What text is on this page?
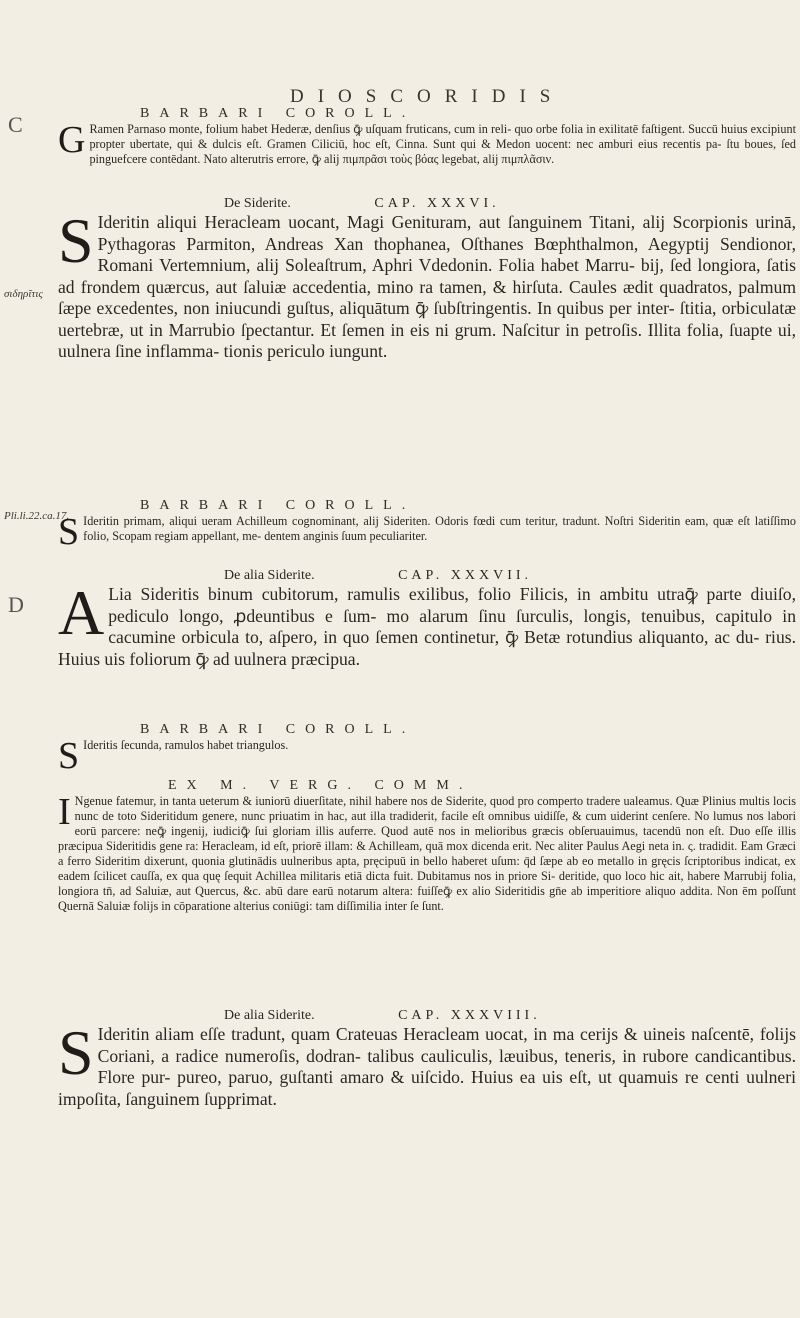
DIOSCORIDIS
C
D
σιδηρῖτις
Pli.li.22.ca.17.
BARBARI COROLL.
G Ramen Parnaso monte, folium habet Hederæ, denſius ꝙ̄ uſquam fruticans, cum in reli- quo orbe folia in exilitatē faſtigent. Succū huius excipiunt propter ubertate, qui & dulcis eſt. Gramen Ciliciū, hoc eſt, Cinna. Sunt qui & Medon uocent: nec amburi eius recentis pa- ſtu boues, ſed pinguefcere contēdant. Nato alterutris errore, ꝙ̄ alij πιμπρᾶσι τοὺς βόας legebat, alij πιμπλᾶσιν.
De Siderite.	CAP. XXXVI.
S Ideritin aliqui Heracleam uocant, Magi Genituram, aut ſanguinem Titani, alij Scorpionis urinā, Pythagoras Parmiton, Andreas Xan thophanea, Oſthanes Bœphthalmon, Aegyptij Sendionor, Romani Vertemnium, alij Soleaſtrum, Aphri Vdedonin. Folia habet Marru- bij, ſed longiora, ſatis ad frondem quærcus, aut ſaluiæ accedentia, mino ra tamen, & hirſuta. Caules ædit quadratos, palmum ſæpe excedentes, non iniucundi guſtus, aliquātum ꝙ̄ ſubſtringentis. In quibus per inter- ſtitia, orbiculatæ uertebræ, ut in Marrubio ſpectantur. Et ſemen in eis ni grum. Naſcitur in petroſis. Illita folia, ſuapte ui, uulnera ſine inflamma- tionis periculo iungunt.
BARBARI COROLL.
S Ideritin primam, aliqui ueram Achilleum cognominant, alij Sideriten. Odoris fœdi cum teritur, tradunt. Noſtri Sideritin eam, quæ eſt latiſſimo folio, Scopam regiam appellant, me- dentem anginis ſuum peculiariter.
De alia Siderite.	CAP. XXXVII.
A Lia Sideritis binum cubitorum, ramulis exilibus, folio Filicis, in ambitu utraꝙ̄ parte diuiſo, pediculo longo, ꝓdeuntibus e ſum- mo alarum ſinu ſurculis, longis, tenuibus, capitulo in cacumine orbicula to, aſpero, in quo ſemen continetur, ꝙ̄ Betæ rotundius aliquanto, ac du- rius. Huius uis foliorum ꝙ̄ ad uulnera præcipua.
BARBARI COROLL.
S Ideritis ſecunda, ramulos habet triangulos.
EX M. VERG. COMM.
I Ngenue fatemur, in tanta ueterum & iuniorū diuerſitate, nihil habere nos de Siderite, quod pro comperto tradere ualeamus. Quæ Plinius multis locis nunc de toto Sideritidum genere, nunc priuatim in hac, aut illa tradiderit, facile eſt omnibus uidiſſe, & cum uiderint cenſere. No lumus nos labori eorū parcere: neꝙ̄ ingenij, iudiciꝙ̄ ſui gloriam illis auferre. Quod autē nos in melioribus græcis obſeruauimus, tacendū non eſt. Duo eſſe illis præcipua Sideritidis gene ra: Heracleam, id eſt, priorē illam: & Achilleam, quā mox dicenda erit. Nec aliter Paulus Aegi neta in. ς. tradidit. Eam Græci a ferro Sideritim dixerunt, quonia glutinādis uulneribus apta, pręcipuū in bello haberet uſum: q̄d ſæpe ab eo metallo in gręcis ſcriptoribus indicat, ex eadem ſcilicet cauſſa, ex qua quę ſequit Achillea militaris etiā dicta fuit. Dubitamus nos in priore Si- deritide, quo loco hic ait, habere Marrubij folia, longiora tn̄, ad Saluiæ, aut Quercus, &c. abū dare earū notarum altera: fuiſſeꝙ̄ ex alio Sideritidis gn̄e ab imperitiore aliquo addita. Non ēm poſſunt Quernā Saluiæ folijs in cōparatione alterius coniūgi: tam diſſimilia inter ſe ſunt.
De alia Siderite.	CAP. XXXVIII.
S Ideritin aliam eſſe tradunt, quam Crateuas Heracleam uocat, in ma cerijs & uineis naſcentē, folijs Coriani, a radice numeroſis, dodran- talibus cauliculis, læuibus, teneris, in rubore candicantibus. Flore pur- pureo, paruo, guſtanti amaro & uiſcido. Huius ea uis eſt, ut quamuis re centi uulneri impoſita, ſanguinem ſupprimat.
